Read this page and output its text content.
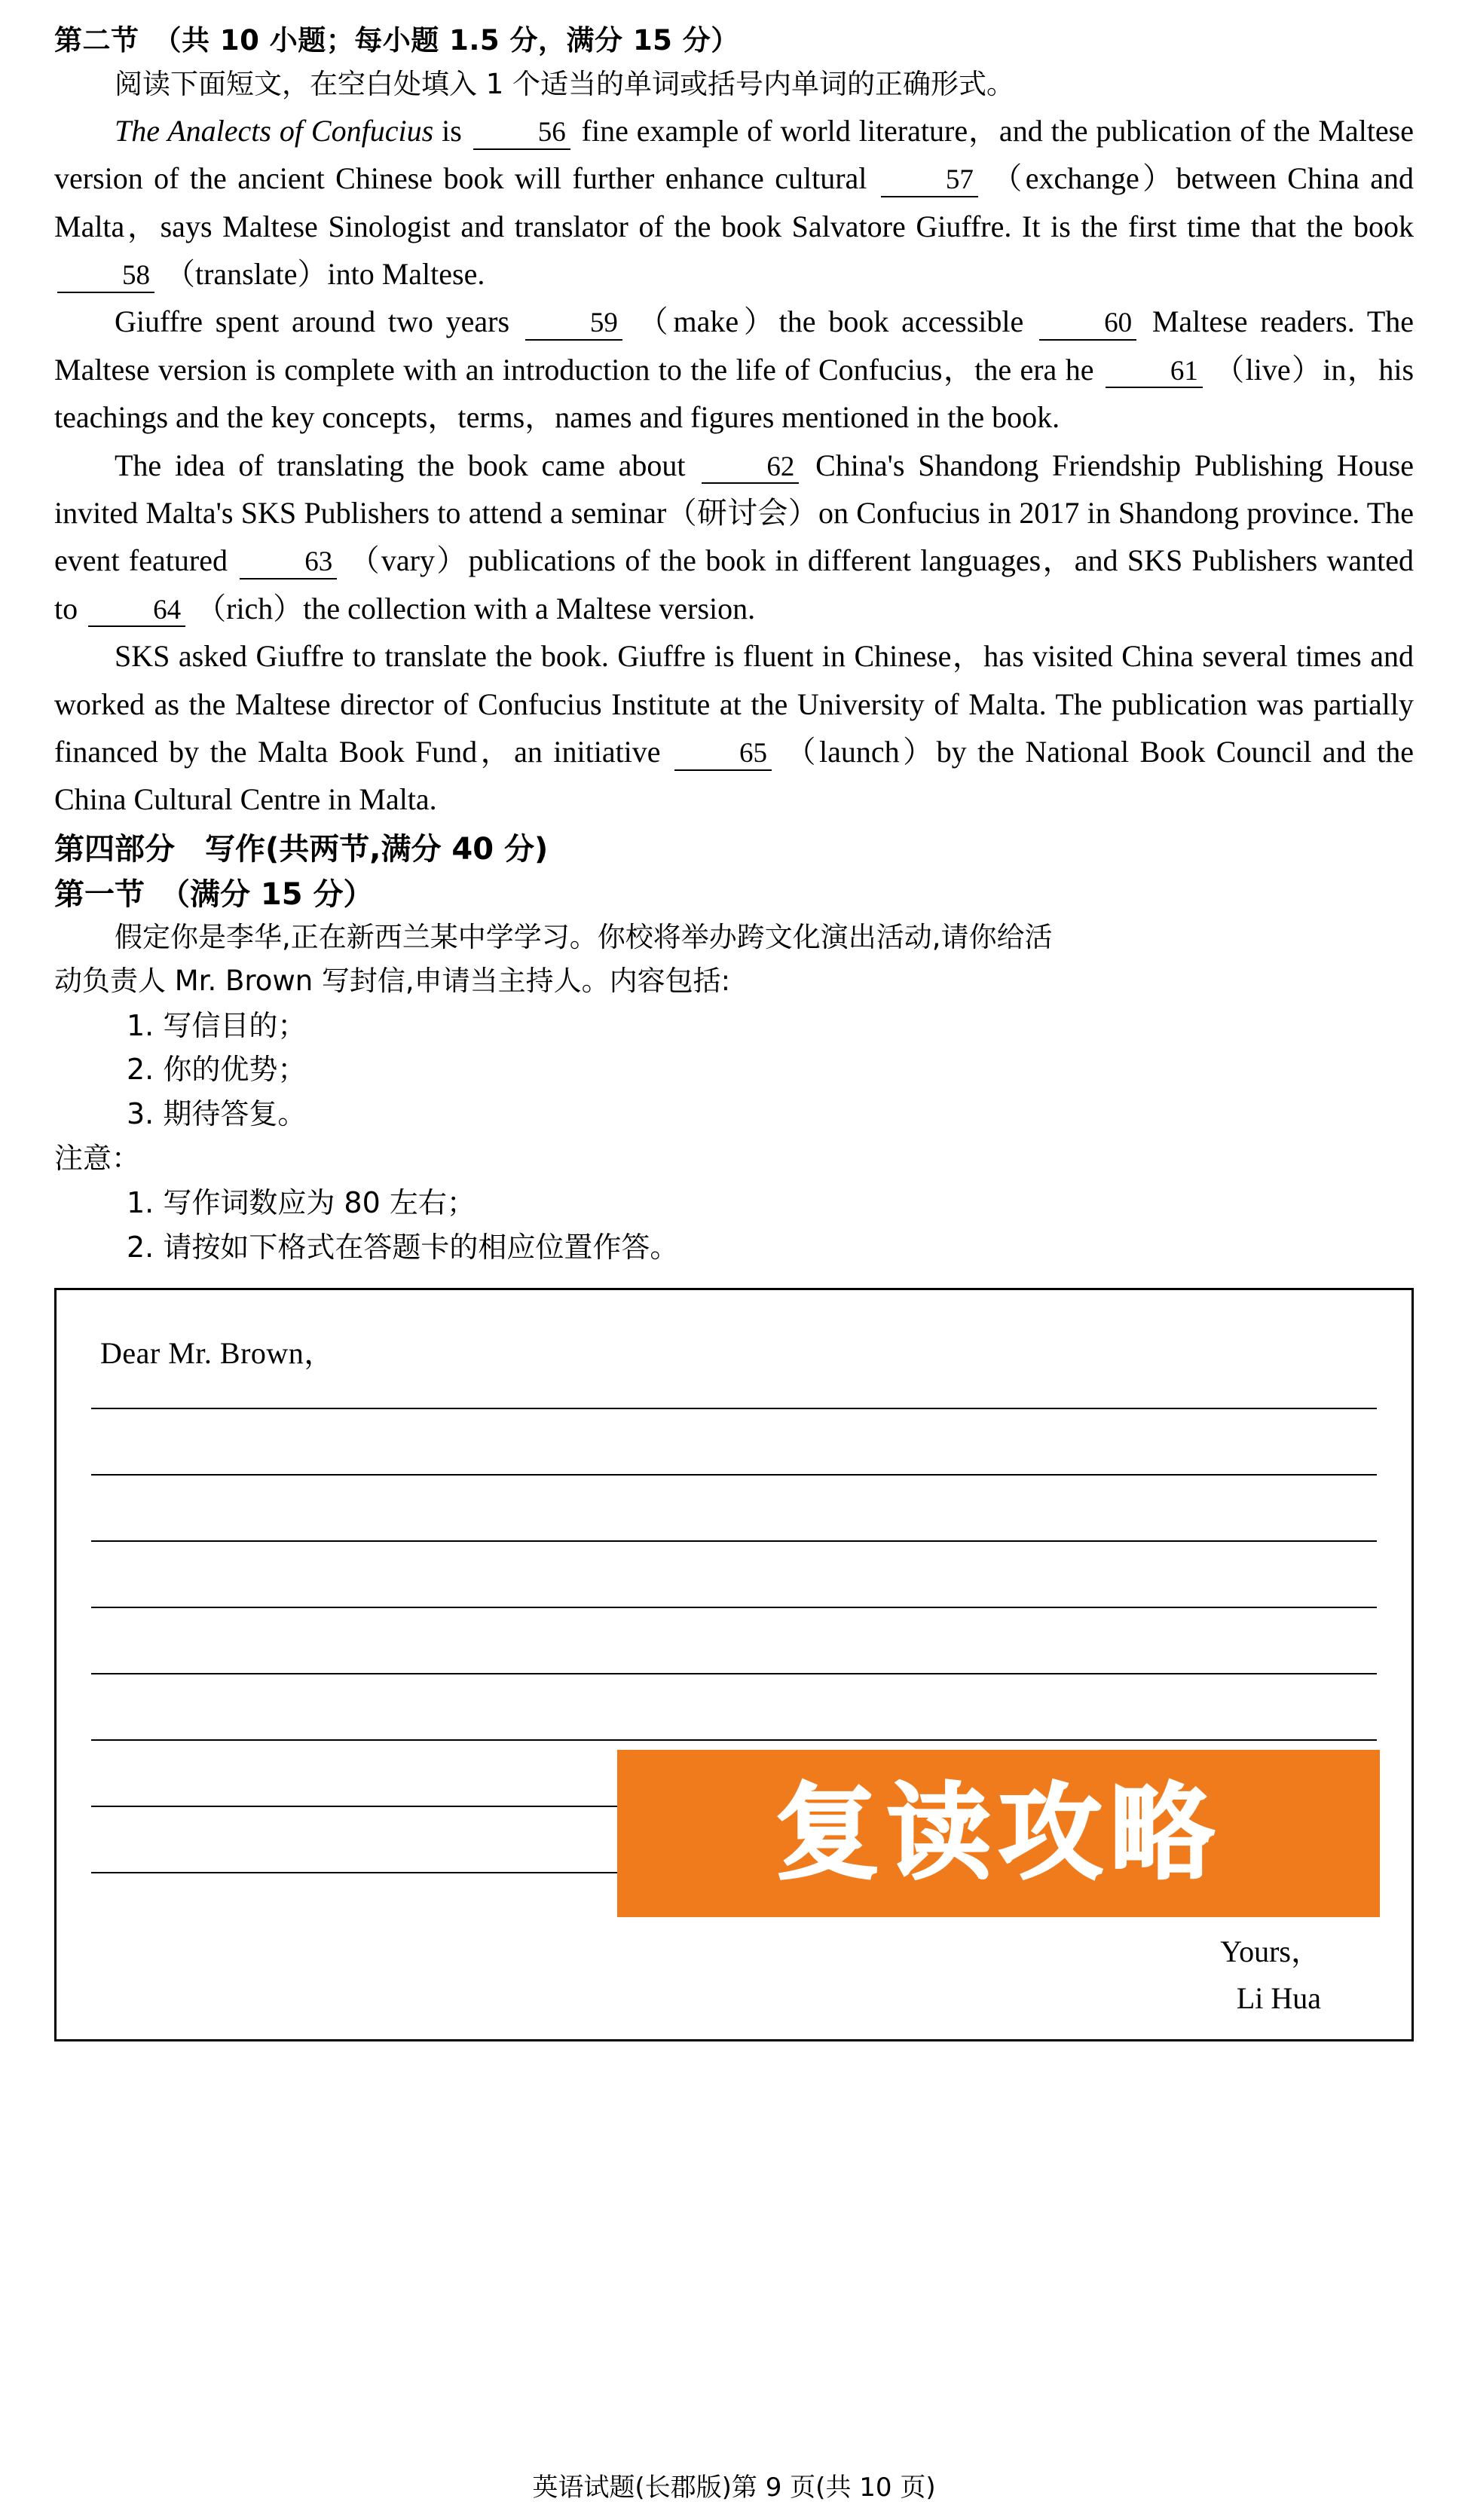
第二节　（共 10 小题；每小题 1.5 分，满分 15 分）
阅读下面短文，在空白处填入 1 个适当的单词或括号内单词的正确形式。

The Analects of Confucius is	56 fine example of world literature，and the publication of the Maltese version of the ancient Chinese book will further enhance cultural	57 （exchange）between China and Malta，says Maltese Sinologist and translator of the book Salvatore Giuffre. It is the first time that the book 58 （translate）into Maltese.

Giuffre spent around two years	59 （make）the book accessible	60 Maltese readers. The Maltese version is complete with an introduction to the life of Confucius，the era he	61 （live）in，his teachings and the key concepts，terms，names and figures mentioned in the book.

The idea of translating the book came about	62 China's Shandong Friendship Publishing House invited Malta's SKS Publishers to attend a seminar（研讨会）on Confucius in 2017 in Shandong province. The event featured	63 （vary）publications of the book in different languages，and SKS Publishers wanted to	64 （rich）the collection with a Maltese version.

SKS asked Giuffre to translate the book. Giuffre is fluent in Chinese，has visited China several times and worked as the Maltese director of Confucius Institute at the University of Malta. The publication was partially financed by the Malta Book Fund，an initiative	65 （launch）by the National Book Council and the China Cultural Centre in Malta.

第四部分　写作(共两节,满分 40 分)
第一节　（满分 15 分）
假定你是李华,正在新西兰某中学学习。你校将举办跨文化演出活动,请你给活
动负责人 Mr. Brown 写封信,申请当主持人。内容包括:
1. 写信目的；
2. 你的优势；
3. 期待答复。
注意：
1. 写作词数应为 80 左右；
2. 请按如下格式在答题卡的相应位置作答。
Dear Mr. Brown，
Yours，
Li Hua
复读攻略
英语试题(长郡版)第 9 页(共 10 页)
